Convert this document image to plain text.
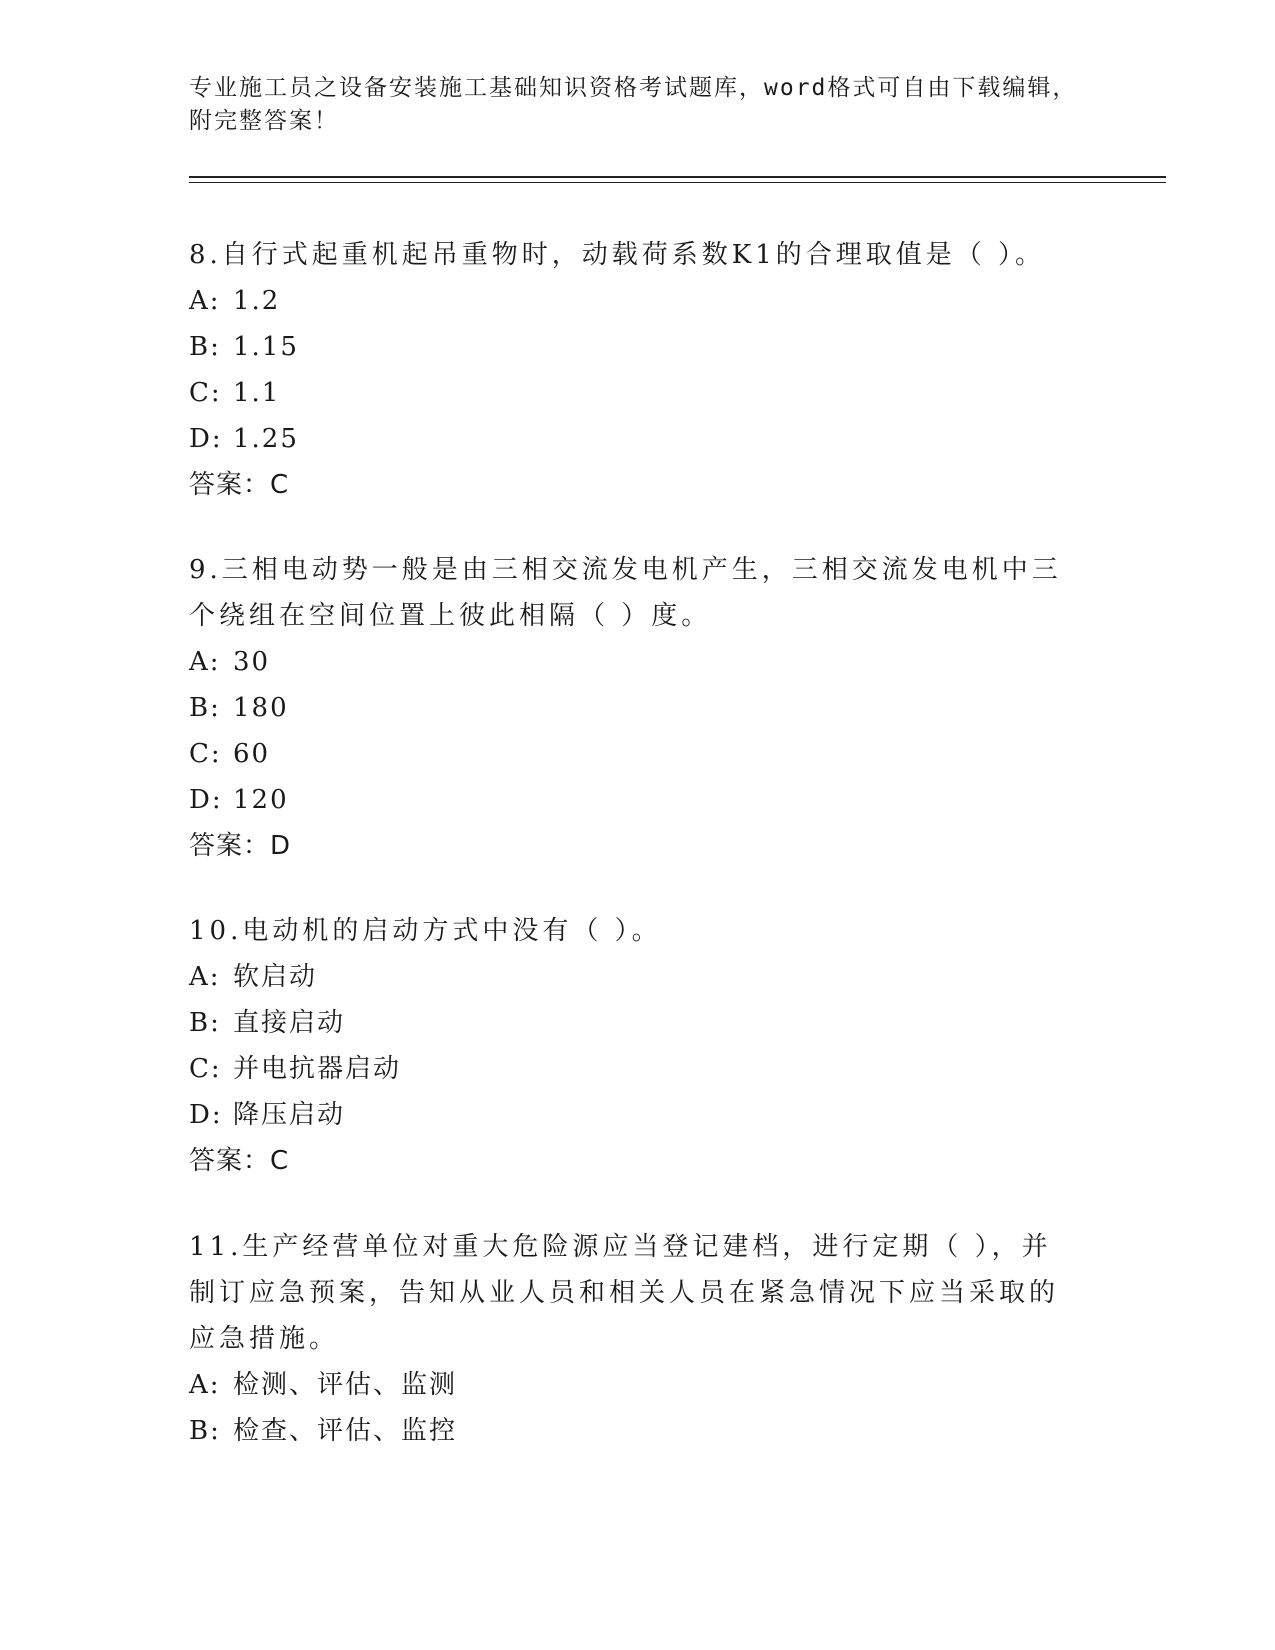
专业施工员之设备安装施工基础知识资格考试题库，word格式可自由下载编辑，
附完整答案！

8.自行式起重机起吊重物时，动载荷系数K1的合理取值是（ ）。

A: 1.2
B: 1.15
C: 1.1
D: 1.25
答案：C

9.三相电动势一般是由三相交流发电机产生，三相交流发电机中三个绕组在空间位置上彼此相隔（ ）度。

A: 30
B: 180
C: 60
D: 120
答案：D

10.电动机的启动方式中没有（ ）。

A: 软启动
B: 直接启动
C: 并电抗器启动
D: 降压启动
答案：C

11.生产经营单位对重大危险源应当登记建档，进行定期（ ），并制订应急预案，告知从业人员和相关人员在紧急情况下应当采取的应急措施。

A: 检测、评估、监测
B: 检查、评估、监控
